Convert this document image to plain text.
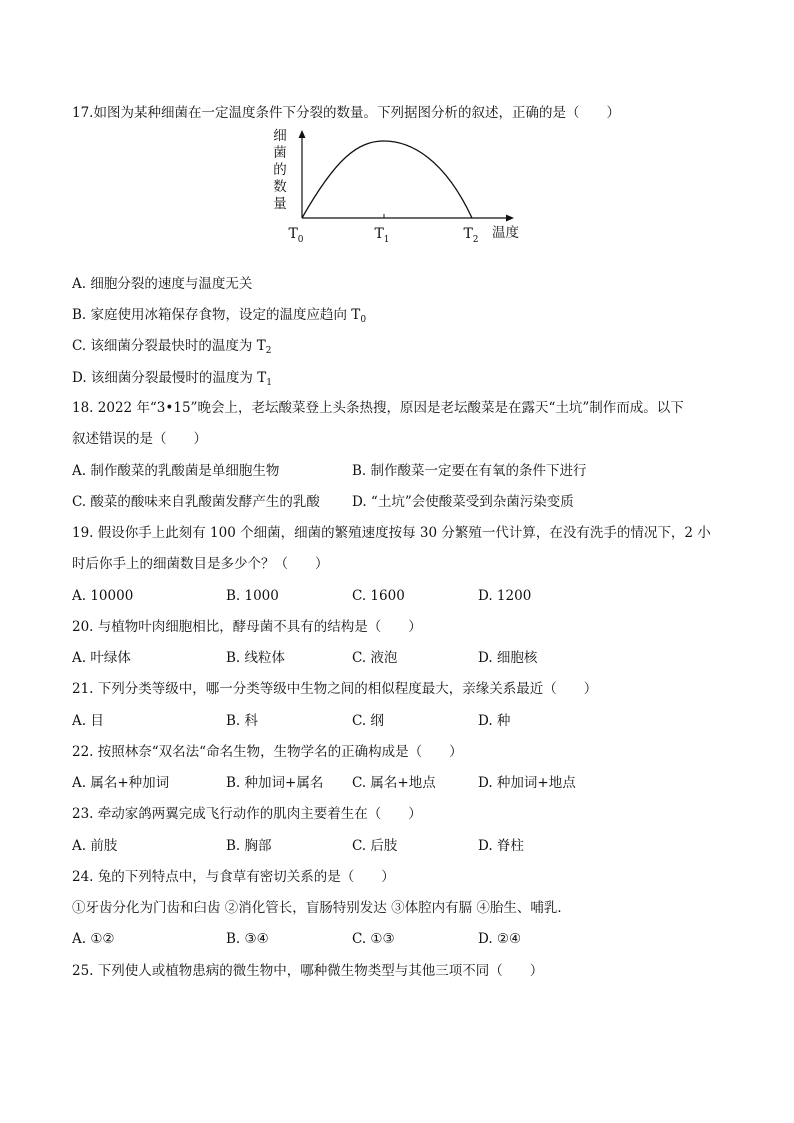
17.如图为某种细菌在一定温度条件下分裂的数量。下列据图分析的叙述，正确的是（　　）
细菌的数量
$T_0$	$T_1$	$T_2$ 温度
A. 细胞分裂的速度与温度无关
B. 家庭使用冰箱保存食物，设定的温度应趋向 $T_0$
C. 该细菌分裂最快时的温度为 $T_2$
D. 该细菌分裂最慢时的温度为 $T_1$
18. 2022 年“3•15”晚会上，老坛酸菜登上头条热搜，原因是老坛酸菜是在露天“土坑”制作而成。以下
叙述错误的是（　　）
A. 制作酸菜的乳酸菌是单细胞生物	B. 制作酸菜一定要在有氧的条件下进行
C. 酸菜的酸味来自乳酸菌发酵产生的乳酸 D. “土坑”会使酸菜受到杂菌污染变质
19. 假设你手上此刻有 100 个细菌，细菌的繁殖速度按每 30 分繁殖一代计算，在没有洗手的情况下，2 小
时后你手上的细菌数目是多少个？（　　）
A. 10000	B. 1000	C. 1600	D. 1200
20. 与植物叶肉细胞相比，酵母菌不具有的结构是（　　）
A. 叶绿体	B. 线粒体	C. 液泡	D. 细胞核
21. 下列分类等级中，哪一分类等级中生物之间的相似程度最大，亲缘关系最近（　　）
A. 目	B. 科	C. 纲	D. 种
22. 按照林奈“双名法“命名生物，生物学名的正确构成是（　　）
A. 属名+种加词	B. 种加词+属名 C. 属名+地点	D. 种加词+地点
23. 牵动家鸽两翼完成飞行动作的肌肉主要着生在（　　）
A. 前肢	B. 胸部	C. 后肢	D. 脊柱
24. 兔的下列特点中，与食草有密切关系的是（　　）
①牙齿分化为门齿和臼齿 ②消化管长，盲肠特别发达 ③体腔内有膈 ④胎生、哺乳．
A. ①②	B. ③④	C. ①③	D. ②④
25. 下列使人或植物患病的微生物中，哪种微生物类型与其他三项不同（　　）
